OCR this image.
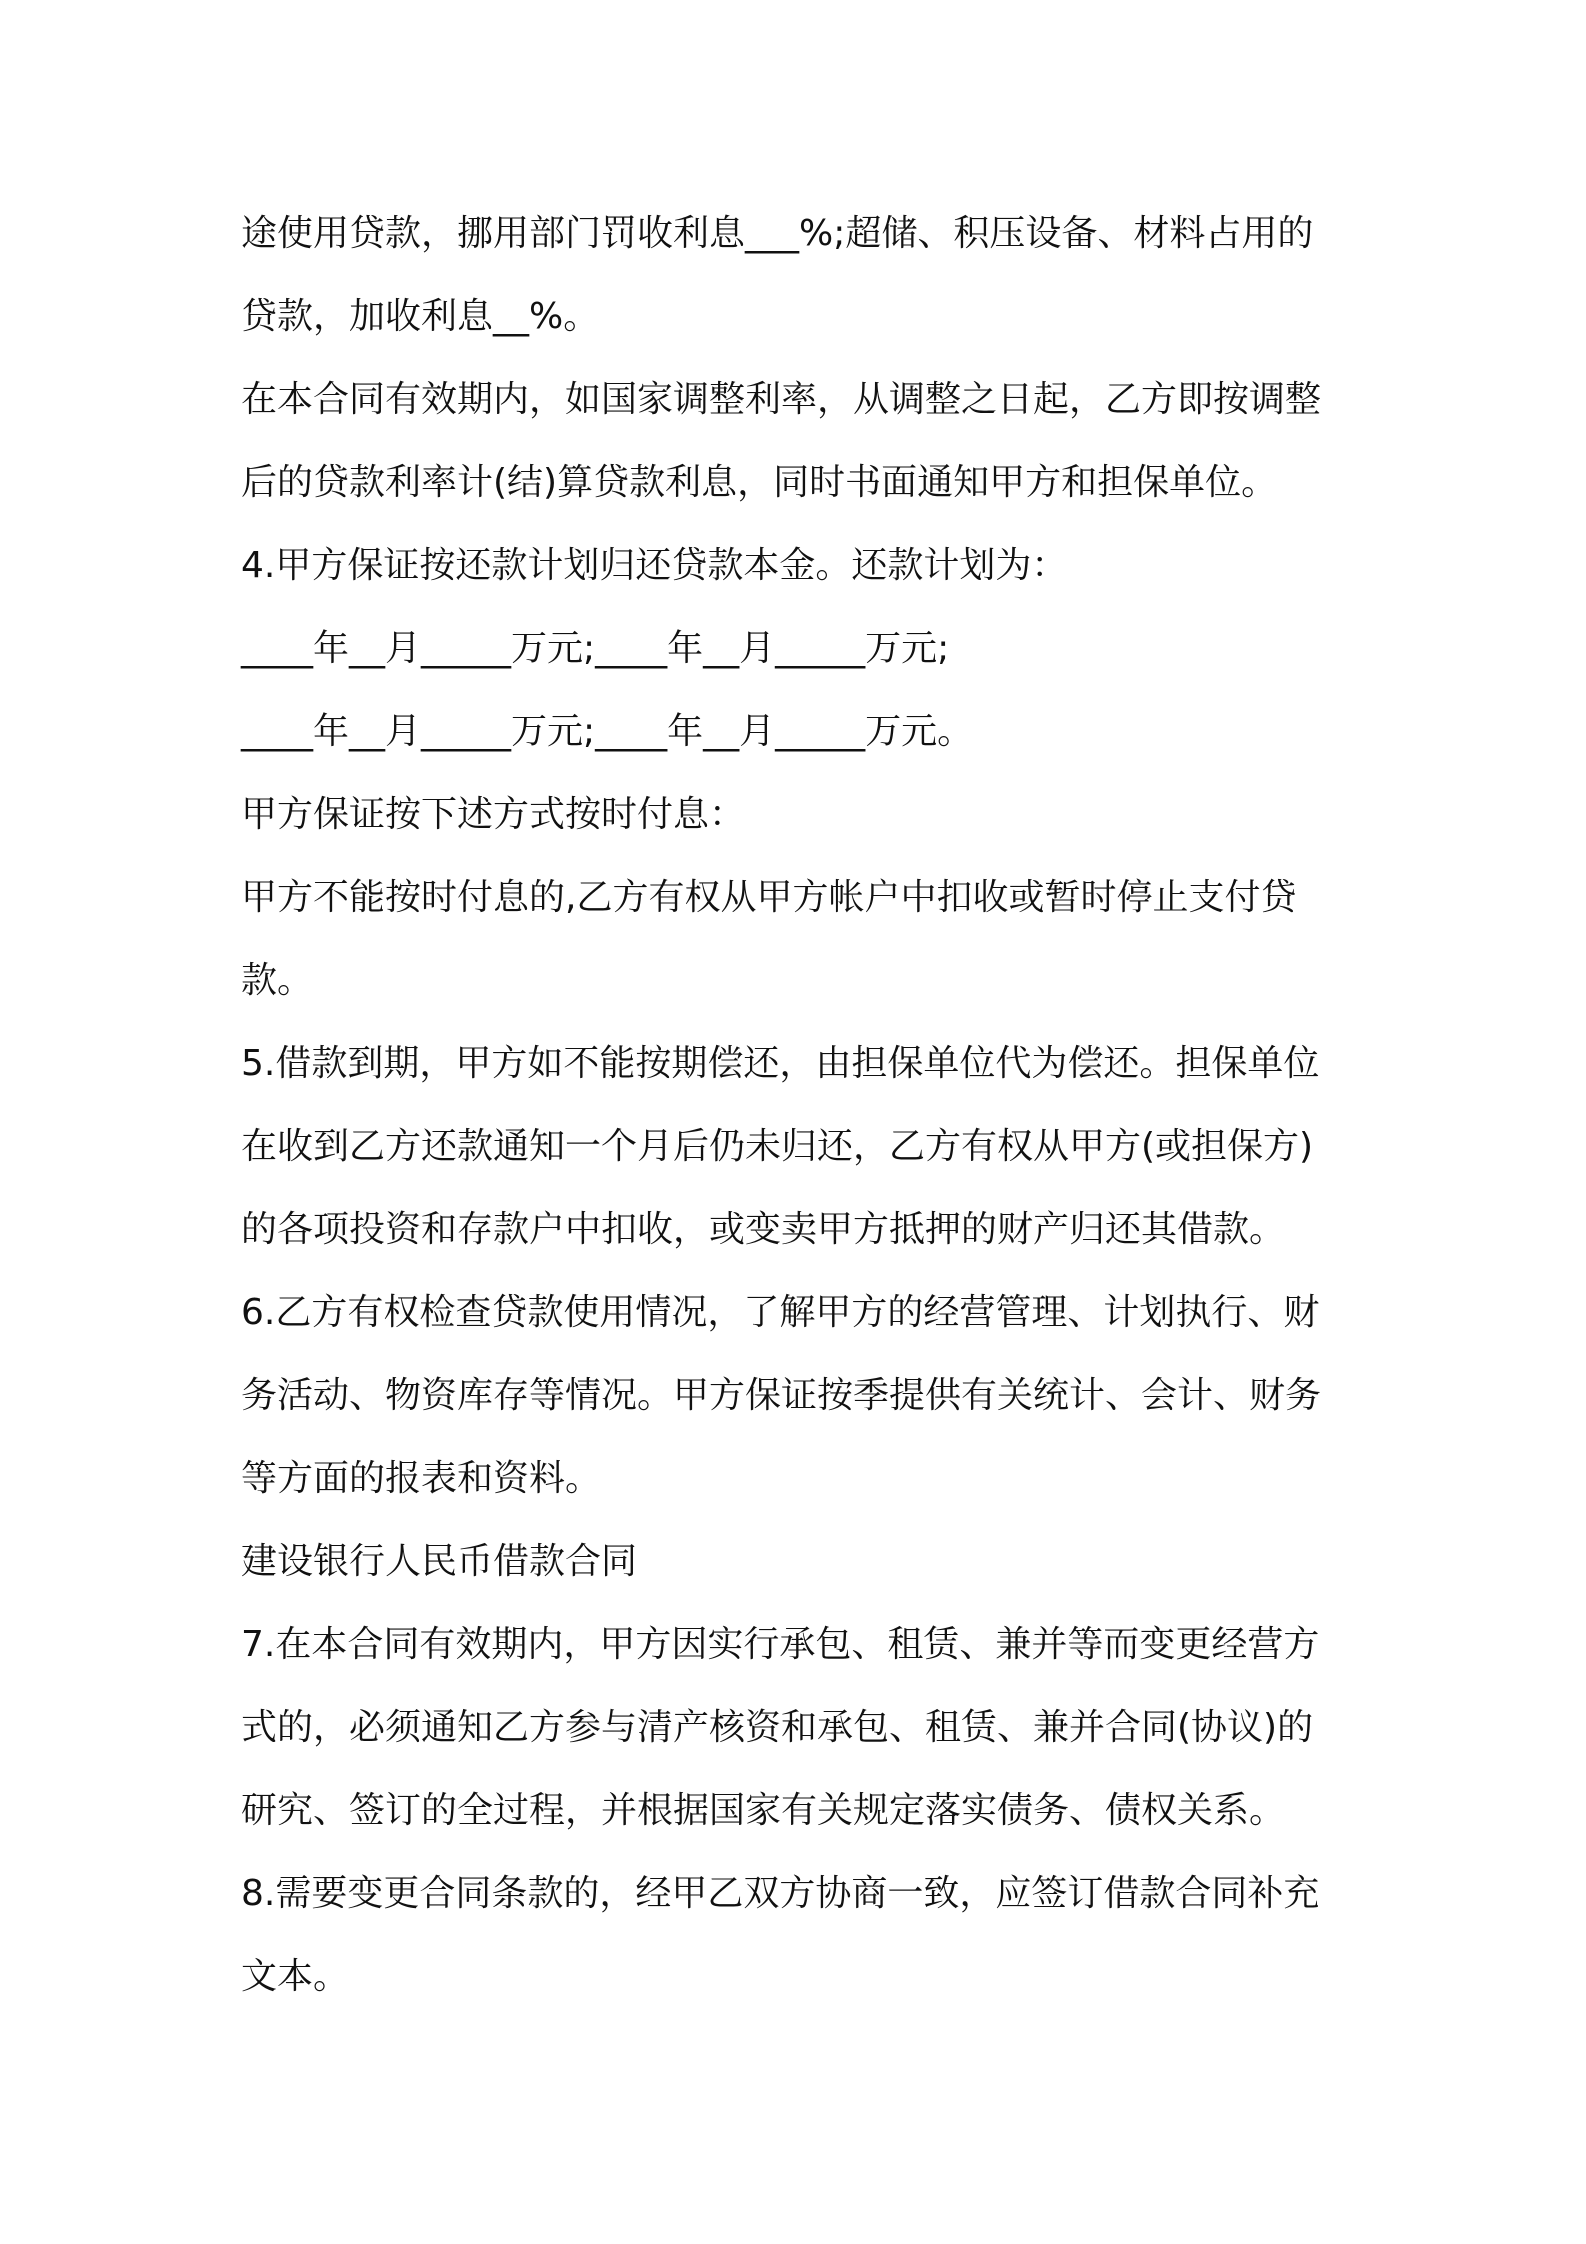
途使用贷款，挪用部门罚收利息___%;超储、积压设备、材料占用的
贷款，加收利息__%。
在本合同有效期内，如国家调整利率，从调整之日起，乙方即按调整
后的贷款利率计(结)算贷款利息，同时书面通知甲方和担保单位。
4.甲方保证按还款计划归还贷款本金。还款计划为：
____年__月_____万元;____年__月_____万元;
____年__月_____万元;____年__月_____万元。
甲方保证按下述方式按时付息：
甲方不能按时付息的,乙方有权从甲方帐户中扣收或暂时停止支付贷
款。
5.借款到期，甲方如不能按期偿还，由担保单位代为偿还。担保单位
在收到乙方还款通知一个月后仍未归还，乙方有权从甲方(或担保方)
的各项投资和存款户中扣收，或变卖甲方抵押的财产归还其借款。
6.乙方有权检查贷款使用情况，了解甲方的经营管理、计划执行、财
务活动、物资库存等情况。甲方保证按季提供有关统计、会计、财务
等方面的报表和资料。
建设银行人民币借款合同
7.在本合同有效期内，甲方因实行承包、租赁、兼并等而变更经营方
式的，必须通知乙方参与清产核资和承包、租赁、兼并合同(协议)的
研究、签订的全过程，并根据国家有关规定落实债务、债权关系。
8.需要变更合同条款的，经甲乙双方协商一致，应签订借款合同补充
文本。
